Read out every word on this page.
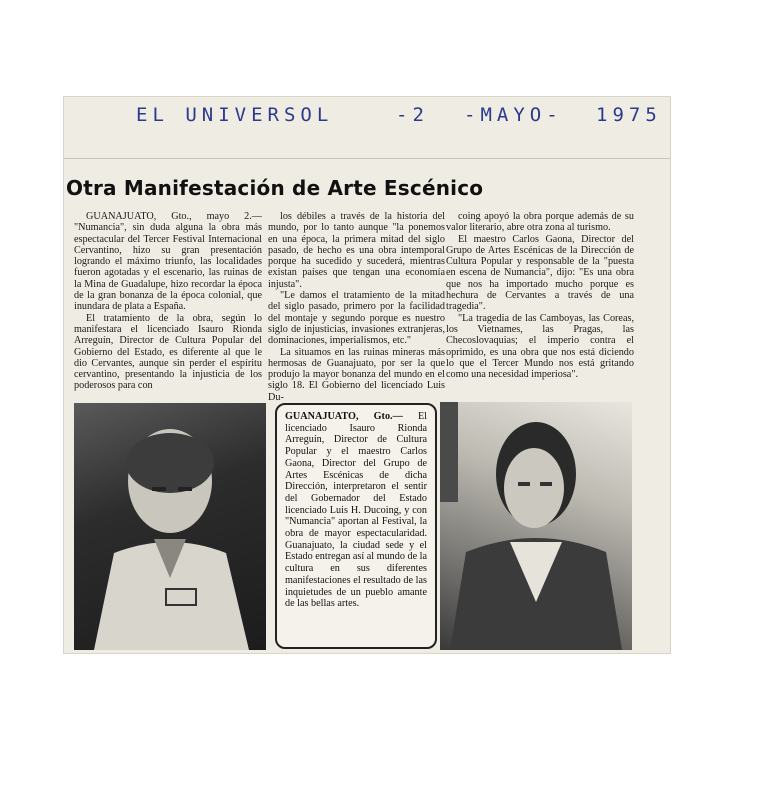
EL UNIVERSOL	-2 -MAYO- 1975
Otra Manifestación de Arte Escénico

GUANAJUATO, Gto., mayo 2.— "Numancia", sin duda alguna la obra más espectacular del Tercer Festival Internacional Cervantino, hizo su gran presentación logrando el máximo triunfo, las localidades fueron agotadas y el escenario, las ruinas de la Mina de Guadalupe, hizo recordar la época de la gran bonanza de la época colonial, que inundara de plata a España.

El tratamiento de la obra, según lo manifestara el licenciado Isauro Rionda Arreguín, Director de Cultura Popular del Gobierno del Estado, es diferente al que le dio Cervantes, aunque sin perder el espíritu cervantino, presentando la injusticia de los poderosos para con

los débiles a través de la historia del mundo, por lo tanto aunque "la ponemos en una época, la primera mitad del siglo pasado, de hecho es una obra intemporal porque ha sucedido y sucederá, mientras existan países que tengan una economía injusta".

"Le damos el tratamiento de la mitad del siglo pasado, primero por la facilidad del montaje y segundo porque es nuestro siglo de injusticias, invasiones extranjeras, dominaciones, imperialismos, etc."

La situamos en las ruinas mineras más hermosas de Guanajuato, por ser la que produjo la mayor bonanza del mundo en el siglo 18. El Gobierno del licenciado Luis Du-

coing apoyó la obra porque además de su valor literario, abre otra zona al turismo.

El maestro Carlos Gaona, Director del Grupo de Artes Escénicas de la Dirección de Cultura Popular y responsable de la "puesta en escena de Numancia", dijo: "Es una obra que nos ha importado mucho porque es hechura de Cervantes a través de una tragedia".

"La tragedia de las Camboyas, las Coreas, los Vietnames, las Pragas, las Checoslovaquias; el imperio contra el oprimido, es una obra que nos está diciendo lo que el Tercer Mundo nos está gritando como una necesidad imperiosa".

GUANAJUATO, Gto.— El licenciado Isauro Rionda Arreguín, Director de Cultura Popular y el maestro Carlos Gaona, Director del Grupo de Artes Escénicas de dicha Dirección, interpretaron el sentir del Gobernador del Estado licenciado Luis H. Ducoing, y con "Numancia" aportan al Festival, la obra de mayor espectacularidad. Guanajuato, la ciudad sede y el Estado entregan así al mundo de la cultura en sus diferentes manifestaciones el resultado de las inquietudes de un pueblo amante de las bellas artes.
